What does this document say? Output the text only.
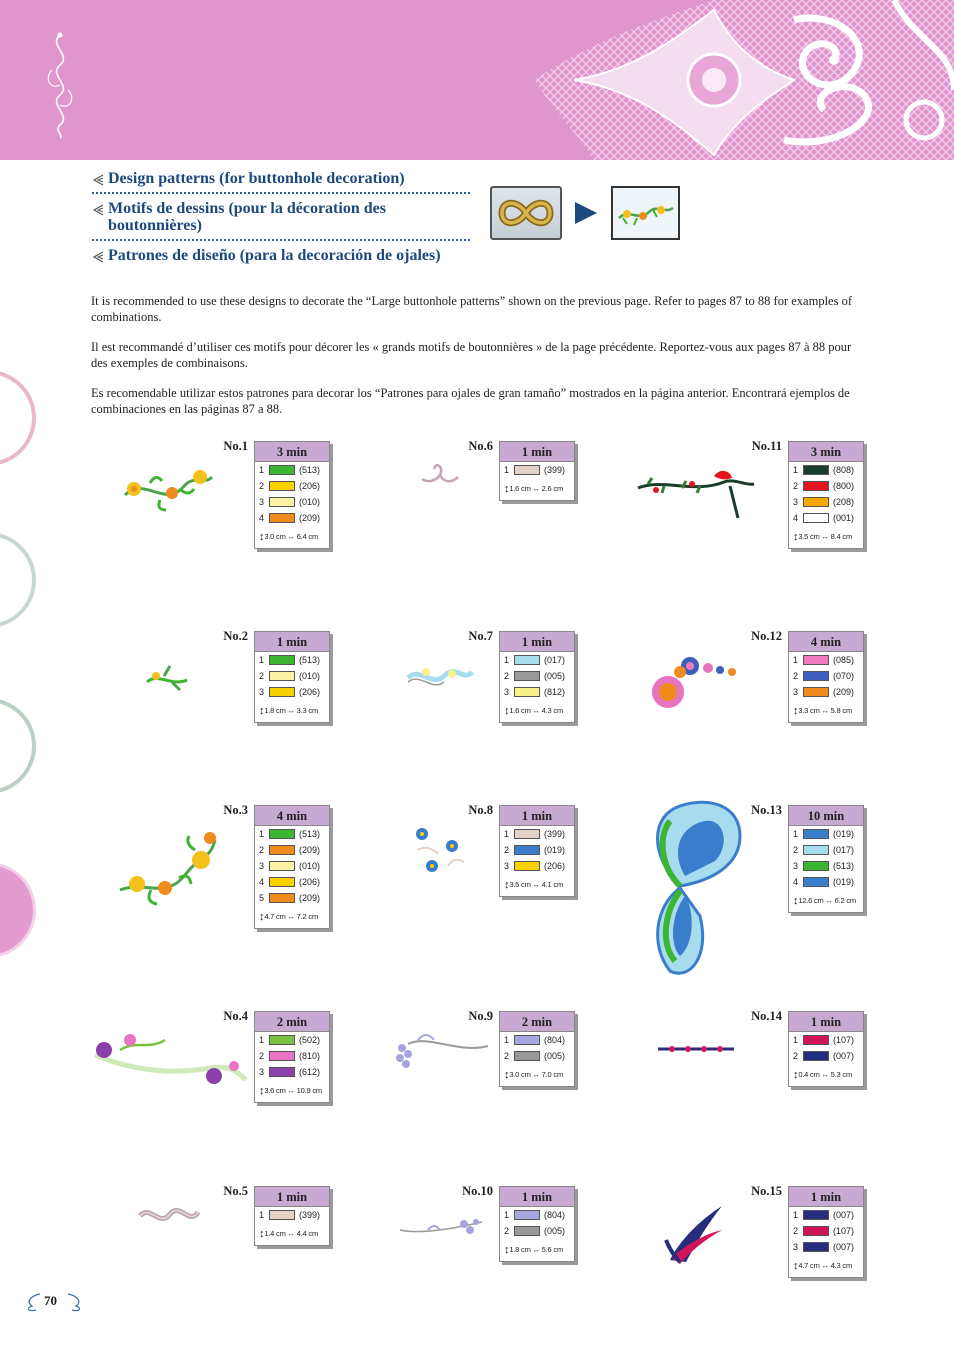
Design patterns (for buttonhole decoration)
Motifs de dessins (pour la décoration des boutonnières)
Patrones de diseño (para la decoración de ojales)

It is recommended to use these designs to decorate the “Large buttonhole patterns” shown on the previous page. Refer to pages 87 to 88 for examples of combinations.

Il est recommandé d’utiliser ces motifs pour décorer les « grands motifs de boutonnières » de la page précédente. Reportez-vous aux pages 87 à 88 pour des exemples de combinaisons.

Es recomendable utilizar estos patrones para decorar los “Patrones para ojales de gran tamaño” mostrados en la página anterior. Encontrará ejemplos de combinaciones en las páginas 87 a 88.

No.1	3 min
1	(513)
2	(206)
3	(010)
4	(209)
↕3.0 cm ↔ 6.4 cm
No.2	1 min
1	(513)
2	(010)
3	(206)
↕1.8 cm ↔ 3.3 cm
No.3	4 min
1	(513)
2	(209)
3	(010)
4	(206)
5	(209)
↕4.7 cm ↔ 7.2 cm
No.4	2 min
1	(502)
2	(810)
3	(612)
↕3.6 cm ↔ 10.9 cm
No.5	1 min
1	(399)
↕1.4 cm ↔ 4.4 cm
No.6	1 min
1	(399)
↕1.6 cm ↔ 2.6 cm
No.7	1 min
1	(017)
2	(005)
3	(812)
↕1.6 cm ↔ 4.3 cm
No.8	1 min
1	(399)
2	(019)
3	(206)
↕3.5 cm ↔ 4.1 cm
No.9	2 min
1	(804)
2	(005)
↕3.0 cm ↔ 7.0 cm
No.10	1 min
1	(804)
2	(005)
↕1.8 cm ↔ 5.6 cm
No.11	3 min
1	(808)
2	(800)
3	(208)
4	(001)
↕3.5 cm ↔ 8.4 cm
No.12	4 min
1	(085)
2	(070)
3	(209)
↕3.3 cm ↔ 5.8 cm
No.13	10 min
1	(019)
2	(017)
3	(513)
4	(019)
↕12.6 cm ↔ 6.2 cm
No.14	1 min
1	(107)
2	(007)
↕0.4 cm ↔ 5.3 cm
No.15	1 min
1	(007)
2	(107)
3	(007)
↕4.7 cm ↔ 4.3 cm
70
